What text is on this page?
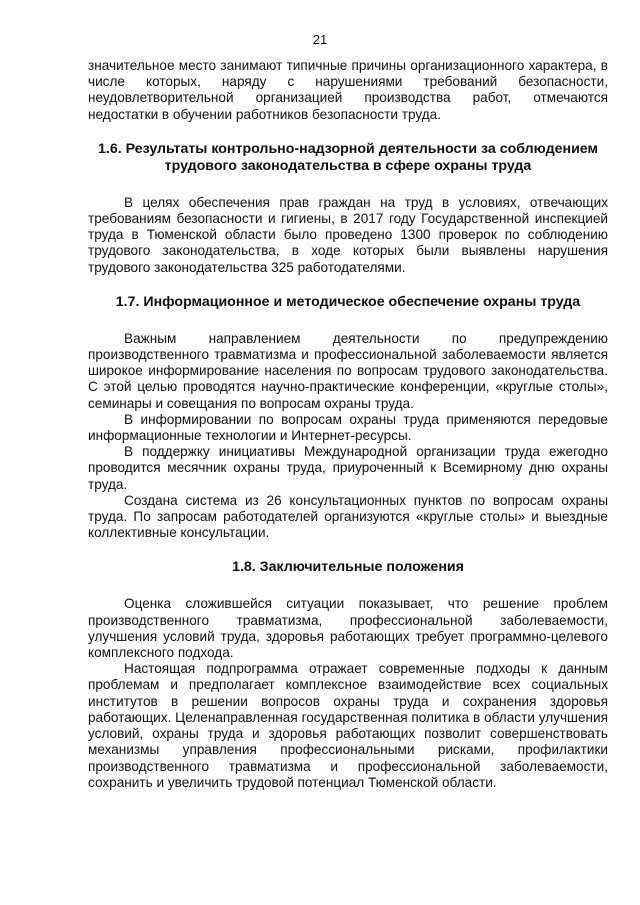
21

значительное место занимают типичные причины организационного характера, в числе которых, наряду с нарушениями требований безопасности, неудовлетворительной организацией производства работ, отмечаются недостатки в обучении работников безопасности труда.

1.6. Результаты контрольно-надзорной деятельности за соблюдением трудового законодательства в сфере охраны труда

В целях обеспечения прав граждан на труд в условиях, отвечающих требованиям безопасности и гигиены, в 2017 году Государственной инспекцией труда в Тюменской области было проведено 1300 проверок по соблюдению трудового законодательства, в ходе которых были выявлены нарушения трудового законодательства 325 работодателями.

1.7. Информационное и методическое обеспечение охраны труда

Важным направлением деятельности по предупреждению производственного травматизма и профессиональной заболеваемости является широкое информирование населения по вопросам трудового законодательства. С этой целью проводятся научно-практические конференции, «круглые столы», семинары и совещания по вопросам охраны труда.

В информировании по вопросам охраны труда применяются передовые информационные технологии и Интернет-ресурсы.

В поддержку инициативы Международной организации труда ежегодно проводится месячник охраны труда, приуроченный к Всемирному дню охраны труда.

Создана система из 26 консультационных пунктов по вопросам охраны труда. По запросам работодателей организуются «круглые столы» и выездные коллективные консультации.

1.8. Заключительные положения

Оценка сложившейся ситуации показывает, что решение проблем производственного травматизма, профессиональной заболеваемости, улучшения условий труда, здоровья работающих требует программно-целевого комплексного подхода.

Настоящая подпрограмма отражает современные подходы к данным проблемам и предполагает комплексное взаимодействие всех социальных институтов в решении вопросов охраны труда и сохранения здоровья работающих. Целенаправленная государственная политика в области улучшения условий, охраны труда и здоровья работающих позволит совершенствовать механизмы управления профессиональными рисками, профилактики производственного травматизма и профессиональной заболеваемости, сохранить и увеличить трудовой потенциал Тюменской области.
